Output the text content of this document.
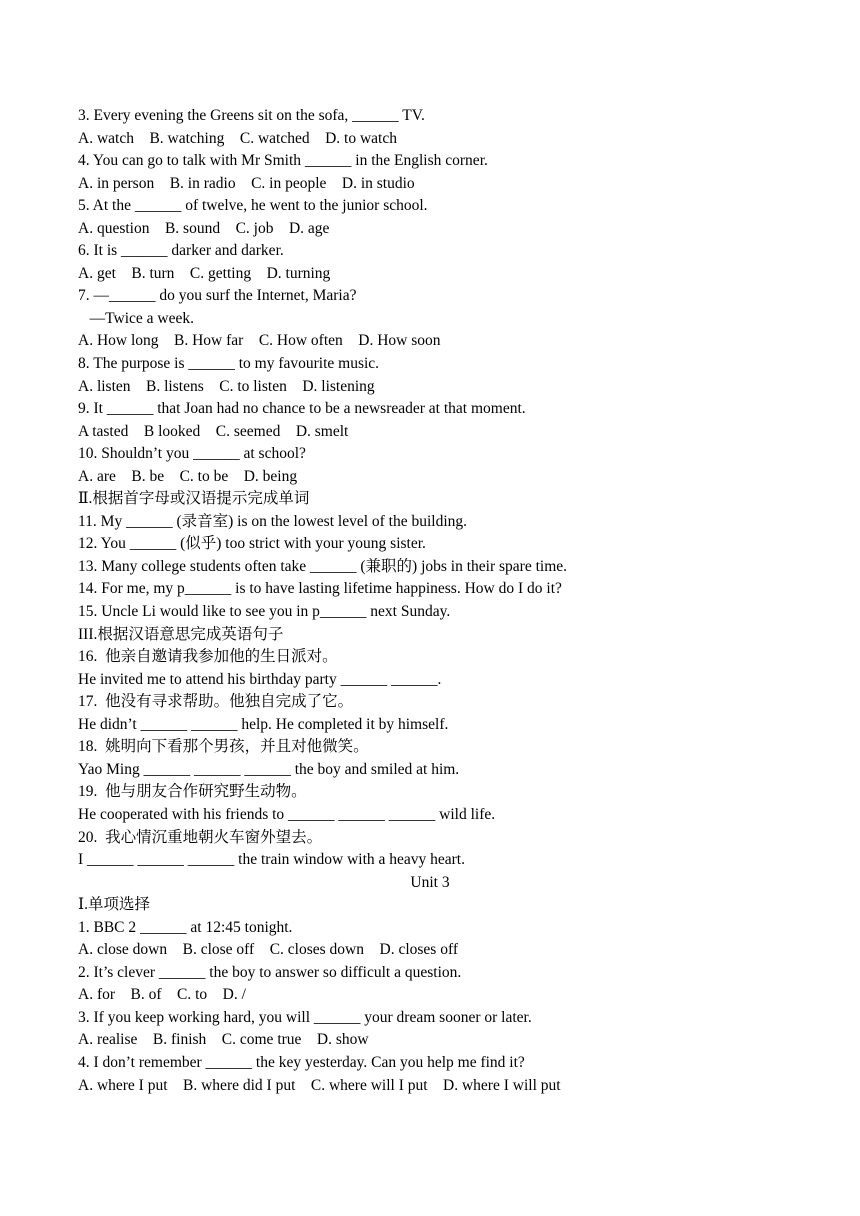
3. Every evening the Greens sit on the sofa, ______ TV.
A. watch    B. watching    C. watched    D. to watch
4. You can go to talk with Mr Smith ______ in the English corner.
A. in person    B. in radio    C. in people    D. in studio
5. At the ______ of twelve, he went to the junior school.
A. question    B. sound    C. job    D. age
6. It is ______ darker and darker.
A. get    B. turn    C. getting    D. turning
7. —______ do you surf the Internet, Maria?
—Twice a week.
A. How long    B. How far    C. How often    D. How soon
8. The purpose is ______ to my favourite music.
A. listen    B. listens    C. to listen    D. listening
9. It ______ that Joan had no chance to be a newsreader at that moment.
A tasted    B looked    C. seemed    D. smelt
10. Shouldn’t you ______ at school?
A. are    B. be    C. to be    D. being
Ⅱ.根据首字母或汉语提示完成单词
11. My ______ (录音室) is on the lowest level of the building.
12. You ______ (似乎) too strict with your young sister.
13. Many college students often take ______ (兼职的) jobs in their spare time.
14. For me, my p______ is to have lasting lifetime happiness. How do I do it?
15. Uncle Li would like to see you in p______ next Sunday.
III.根据汉语意思完成英语句子
16.  他亲自邀请我参加他的生日派对。
He invited me to attend his birthday party ______ ______.
17.  他没有寻求帮助。他独自完成了它。
He didn’t ______ ______ help. He completed it by himself.
18.  姚明向下看那个男孩，并且对他微笑。
Yao Ming ______ ______ ______ the boy and smiled at him.
19.  他与朋友合作研究野生动物。
He cooperated with his friends to ______ ______ ______ wild life.
20.  我心情沉重地朝火车窗外望去。
I ______ ______ ______ the train window with a heavy heart.
Unit 3
Ⅰ.单项选择
1. BBC 2 ______ at 12:45 tonight.
A. close down    B. close off    C. closes down    D. closes off
2. It’s clever ______ the boy to answer so difficult a question.
A. for    B. of    C. to    D. /
3. If you keep working hard, you will ______ your dream sooner or later.
A. realise    B. finish    C. come true    D. show
4. I don’t remember ______ the key yesterday. Can you help me find it?
A. where I put    B. where did I put    C. where will I put    D. where I will put
